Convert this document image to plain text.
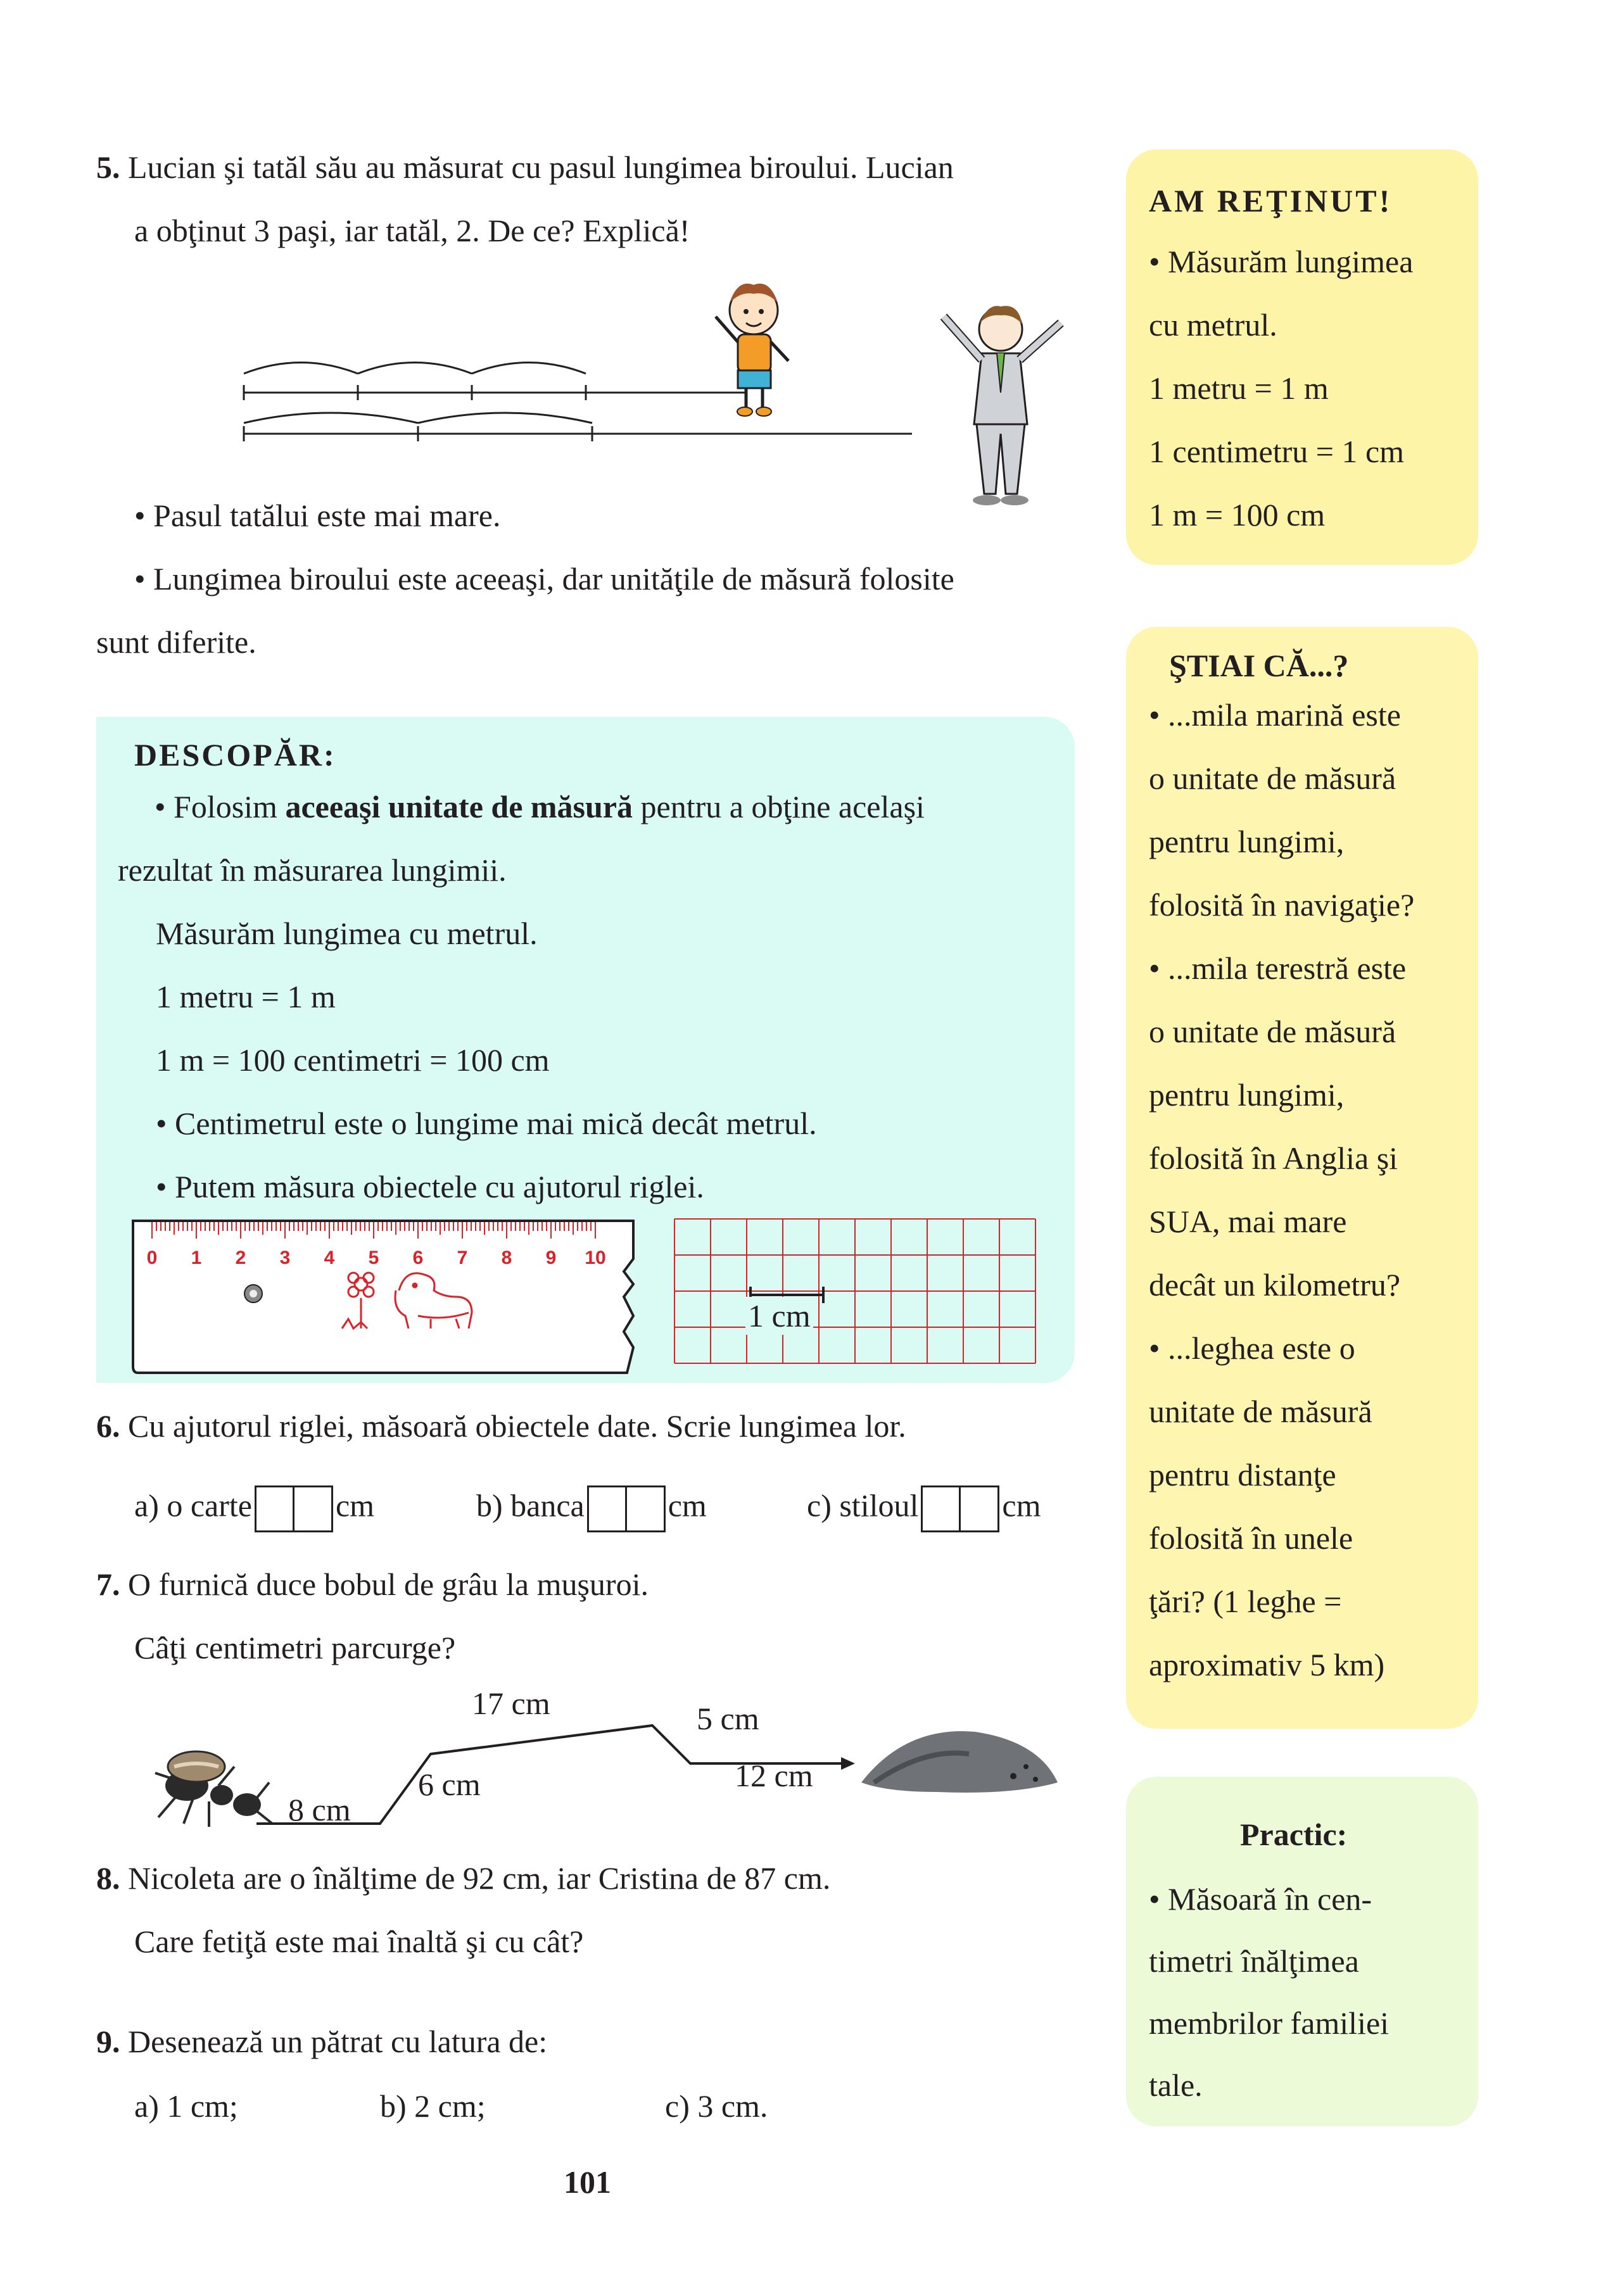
5. Lucian şi tatăl său au măsurat cu pasul lungimea biroului. Lucian
a obţinut 3 paşi, iar tatăl, 2. De ce? Explică!
• Pasul tatălui este mai mare.
• Lungimea biroului este aceeaşi, dar unităţile de măsură folosite
sunt diferite.
DESCOPĂR:
• Folosim aceeaşi unitate de măsură pentru a obţine acelaşi
rezultat în măsurarea lungimii.
Măsurăm lungimea cu metrul.
1 metru = 1 m
1 m = 100 centimetri = 100 cm
• Centimetrul este o lungime mai mică decât metrul.
• Putem măsura obiectele cu ajutorul riglei.
0 1 2 3 4 5 6 7 8 9 10
1 cm
6. Cu ajutorul riglei, măsoară obiectele date. Scrie lungimea lor.
a) o carte	cm	b) banca	cm	c) stiloul	cm
7. O furnică duce bobul de grâu la muşuroi.
Câţi centimetri parcurge?
8 cm
6 cm
17 cm	5 cm
12 cm
8. Nicoleta are o înălţime de 92 cm, iar Cristina de 87 cm.
Care fetiţă este mai înaltă şi cu cât?
9. Desenează un pătrat cu latura de:
a) 1 cm;	b) 2 cm;	c) 3 cm.
101
AM REŢINUT!
• Măsurăm lungimea
cu metrul.
1 metru = 1 m
1 centimetru = 1 cm
1 m = 100 cm
ŞTIAI CĂ...?
• ...mila marină este
o unitate de măsură
pentru lungimi,
folosită în navigaţie?
• ...mila terestră este
o unitate de măsură
pentru lungimi,
folosită în Anglia şi
SUA, mai mare
decât un kilometru?
• ...leghea este o
unitate de măsură
pentru distanţe
folosită în unele
ţări? (1 leghe =
aproximativ 5 km)
Practic:
• Măsoară în cen-
timetri înălţimea
membrilor familiei
tale.
